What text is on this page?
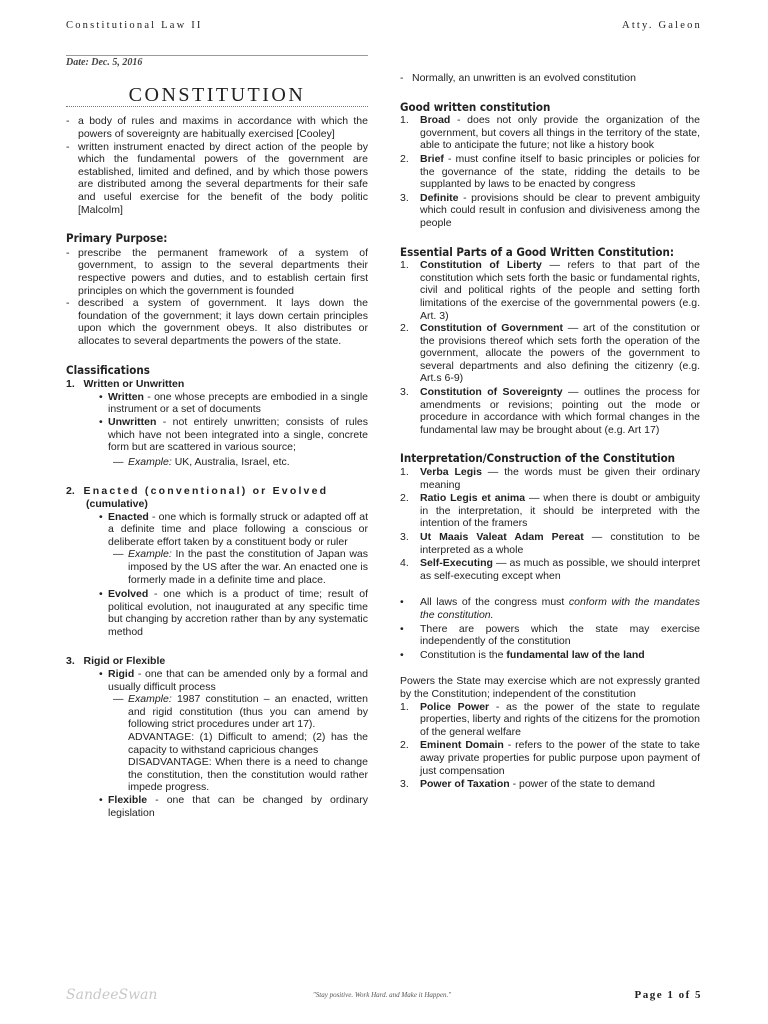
Constitutional Law II	Atty. Galeon
Date: Dec. 5, 2016
CONSTITUTION
- a body of rules and maxims in accordance with which the powers of sovereignty are habitually exercised [Cooley]
- written instrument enacted by direct action of the people by which the fundamental powers of the government are established, limited and defined, and by which those powers are distributed among the several departments for their safe and useful exercise for the benefit of the body politic [Malcolm]
Primary Purpose:
- prescribe the permanent framework of a system of government, to assign to the several departments their respective powers and duties, and to establish certain first principles on which the government is founded
- described a system of government. It lays down the foundation of the government; it lays down certain principles upon which the government obeys. It also distributes or allocates to several departments the powers of the state.
Classifications
1. Written or Unwritten
• Written - one whose precepts are embodied in a single instrument or a set of documents
• Unwritten - not entirely unwritten; consists of rules which have not been integrated into a single, concrete form but are scattered in various source;
— Example: UK, Australia, Israel, etc.
2. Enacted (conventional) or Evolved
(cumulative)
• Enacted - one which is formally struck or adapted off at a definite time and place following a conscious or deliberate effort taken by a constituent body or ruler
— Example: In the past the constitution of Japan was imposed by the US after the war. An enacted one is formerly made in a definite time and place.
• Evolved - one which is a product of time; result of political evolution, not inaugurated at any specific time but changing by accretion rather than by any systematic method
3. Rigid or Flexible
• Rigid - one that can be amended only by a formal and usually difficult process
— Example: 1987 constitution – an enacted, written and rigid constitution (thus you can amend by following strict procedures under art 17).
ADVANTAGE: (1) Difficult to amend; (2) has the capacity to withstand capricious changes
DISADVANTAGE: When there is a need to change the constitution, then the constitution would rather impede progress.
• Flexible - one that can be changed by ordinary legislation
- Normally, an unwritten is an evolved constitution
Good written constitution
1. Broad - does not only provide the organization of the government, but covers all things in the territory of the state, able to anticipate the future; not like a history book
2. Brief - must confine itself to basic principles or policies for the governance of the state, ridding the details to be supplanted by laws to be enacted by congress
3. Definite - provisions should be clear to prevent ambiguity which could result in confusion and divisiveness among the people
Essential Parts of a Good Written Constitution:
1. Constitution of Liberty — refers to that part of the constitution which sets forth the basic or fundamental rights, civil and political rights of the people and setting forth limitations of the exercise of the governmental powers (e.g. Art. 3)
2. Constitution of Government — art of the constitution or the provisions thereof which sets forth the operation of the government, allocate the powers of the government to several departments and also defining the citizenry (e.g. Art.s 6-9)
3. Constitution of Sovereignty — outlines the process for amendments or revisions; pointing out the mode or procedure in accordance with which formal changes in the fundamental law may be brought about (e.g. Art 17)
Interpretation/Construction of the Constitution
1. Verba Legis — the words must be given their ordinary meaning
2. Ratio Legis et anima — when there is doubt or ambiguity in the interpretation, it should be interpreted with the intention of the framers
3. Ut Maais Valeat Adam Pereat — constitution to be interpreted as a whole
4. Self-Executing — as much as possible, we should interpret as self-executing except when
• All laws of the congress must conform with the mandates the constitution.
• There are powers which the state may exercise independently of the constitution
• Constitution is the fundamental law of the land
Powers the State may exercise which are not expressly granted by the Constitution; independent of the constitution
1. Police Power - as the power of the state to regulate properties, liberty and rights of the citizens for the promotion of the general welfare
2. Eminent Domain - refers to the power of the state to take away private properties for public purpose upon payment of just compensation
3. Power of Taxation - power of the state to demand
SandeeSwan	"Stay positive. Work Hard. and Make it Happen."	Page 1 of 5
